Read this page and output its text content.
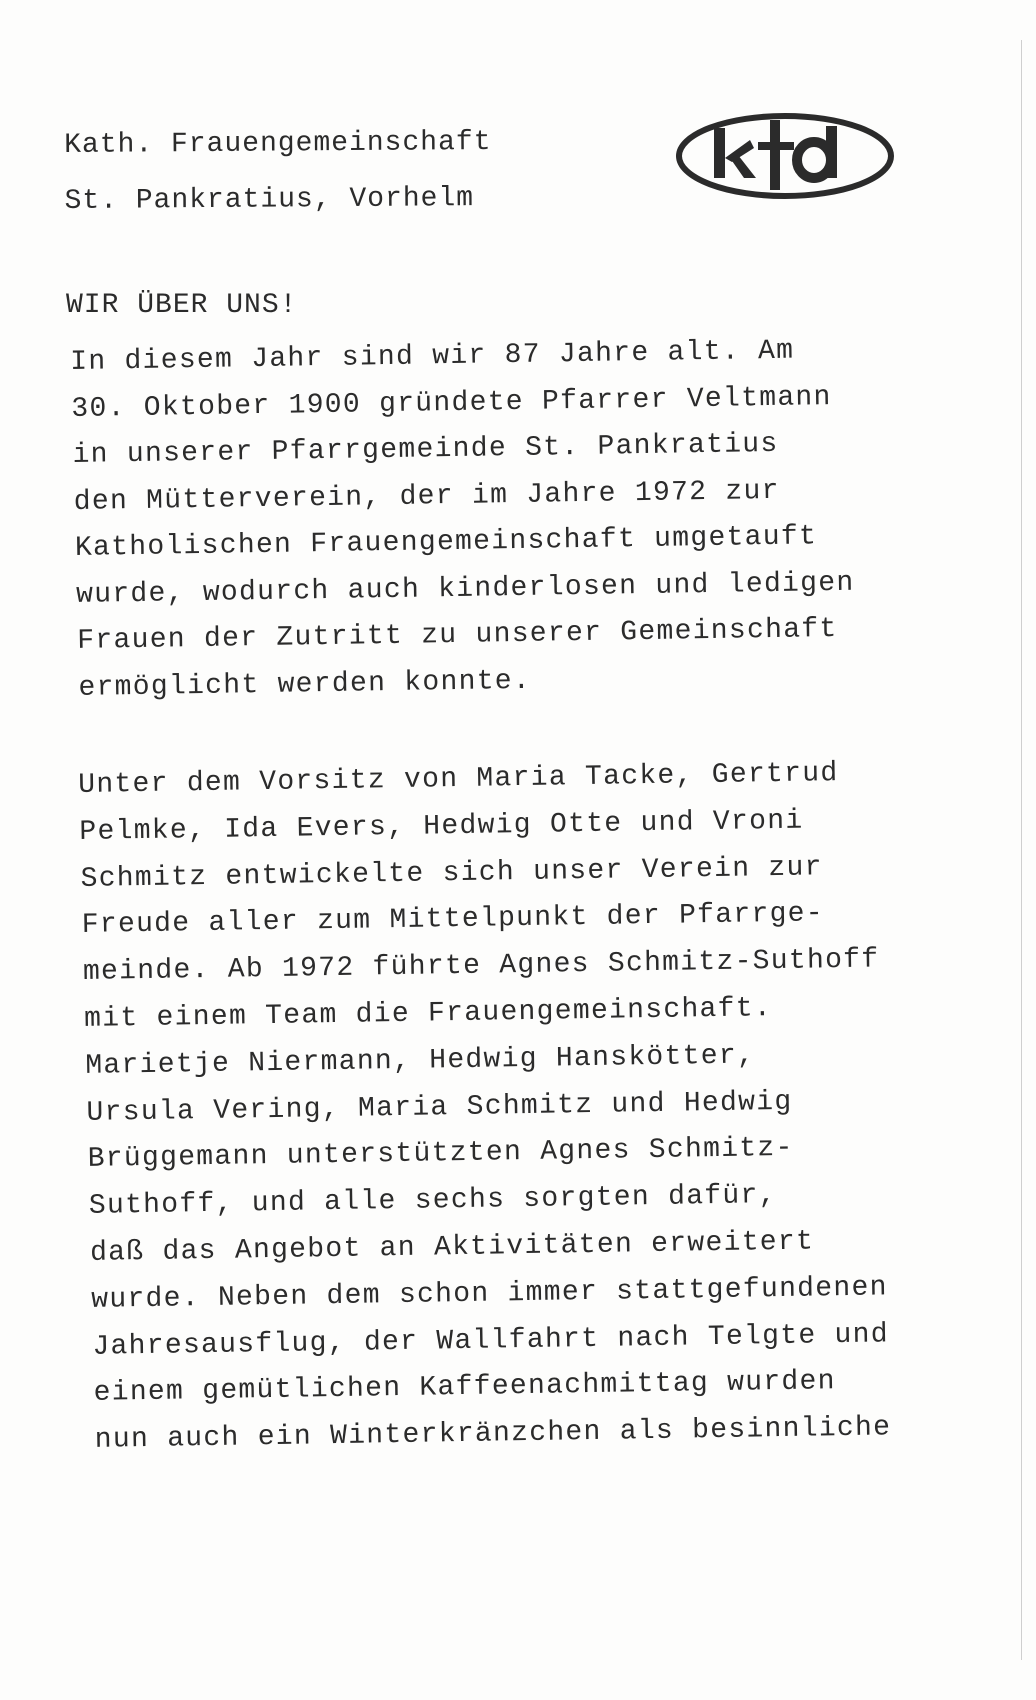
Kath. Frauengemeinschaft
St. Pankratius, Vorhelm
WIR ÜBER UNS!
In diesem Jahr sind wir 87 Jahre alt. Am
30. Oktober 1900 gründete Pfarrer Veltmann
in unserer Pfarrgemeinde St. Pankratius
den Mütterverein, der im Jahre 1972 zur
Katholischen Frauengemeinschaft umgetauft
wurde, wodurch auch kinderlosen und ledigen
Frauen der Zutritt zu unserer Gemeinschaft
ermöglicht werden konnte.
Unter dem Vorsitz von Maria Tacke, Gertrud
Pelmke, Ida Evers, Hedwig Otte und Vroni
Schmitz entwickelte sich unser Verein zur
Freude aller zum Mittelpunkt der Pfarrge-
meinde. Ab 1972 führte Agnes Schmitz-Suthoff
mit einem Team die Frauengemeinschaft.
Marietje Niermann, Hedwig Hanskötter,
Ursula Vering, Maria Schmitz und Hedwig
Brüggemann unterstützten Agnes Schmitz-
Suthoff, und alle sechs sorgten dafür,
daß das Angebot an Aktivitäten erweitert
wurde. Neben dem schon immer stattgefundenen
Jahresausflug, der Wallfahrt nach Telgte und
einem gemütlichen Kaffeenachmittag wurden
nun auch ein Winterkränzchen als besinnliche
